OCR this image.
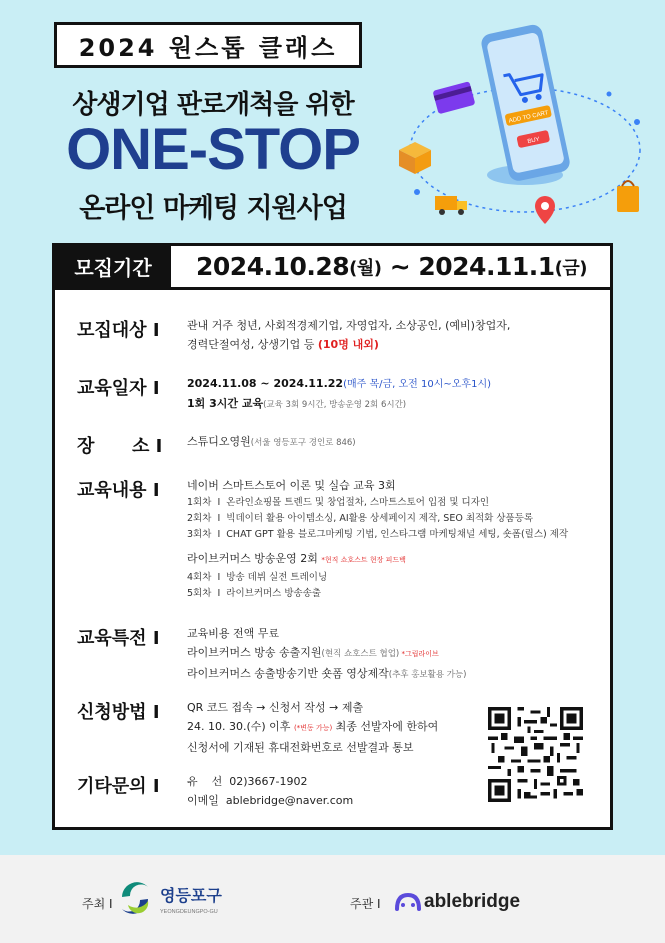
2024 원스톱 클래스
상생기업 판로개척을 위한
ONE-STOP
온라인 마케팅 지원사업
ADD TO CART
BUY
모집기간	2024.10.28 (월) ~ 2024.11.1 (금)
모집대상 I	관내 거주 청년, 사회적경제기업, 자영업자, 소상공인, (예비)창업자,
경력단절여성, 상생기업 등 (10명 내외)
교육일자 I	2024.11.08 ~ 2024.11.22(매주 목/금, 오전 10시~오후1시)
1회 3시간 교육(교육 3회 9시간, 방송운영 2회 6시간)
장      소 I	스튜디오영원(서울 영등포구 경인로 846)
교육내용 I	네이버 스마트스토어 이론 및 실습 교육 3회
1회차  I  온라인쇼핑몰 트렌드 및 창업절차, 스마트스토어 입점 및 디자인
2회차  I  빅데이터 활용 아이템소싱, AI활용 상세페이지 제작, SEO 최적화 상품등록
3회차  I  CHAT GPT 활용 블로그마케팅 기법, 인스타그램 마케팅채널 세팅, 숏폼(릴스) 제작
라이브커머스 방송운영 2회 *현직 쇼호스트 현장 피드백
4회차  I  방송 데뷔 실전 트레이닝
5회차  I  라이브커머스 방송송출
교육특전 I	교육비용 전액 무료
라이브커머스 방송 송출지원(현직 쇼호스트 협업) *그립라이브
라이브커머스 송출방송기반 숏폼 영상제작(추후 홍보활용 가능)
신청방법 I	QR 코드 접속 → 신청서 작성 → 제출
24. 10. 30.(수) 이후 (*변동 가능) 최종 선발자에 한하여
신청서에 기재된 휴대전화번호로 선발결과 통보
기타문의 I	유    선 02)3667-1902
이메일 ablebridge@naver.com
주최 I	영등포구
YEONGDEUNGPO-GU
주관 I ablebridge
